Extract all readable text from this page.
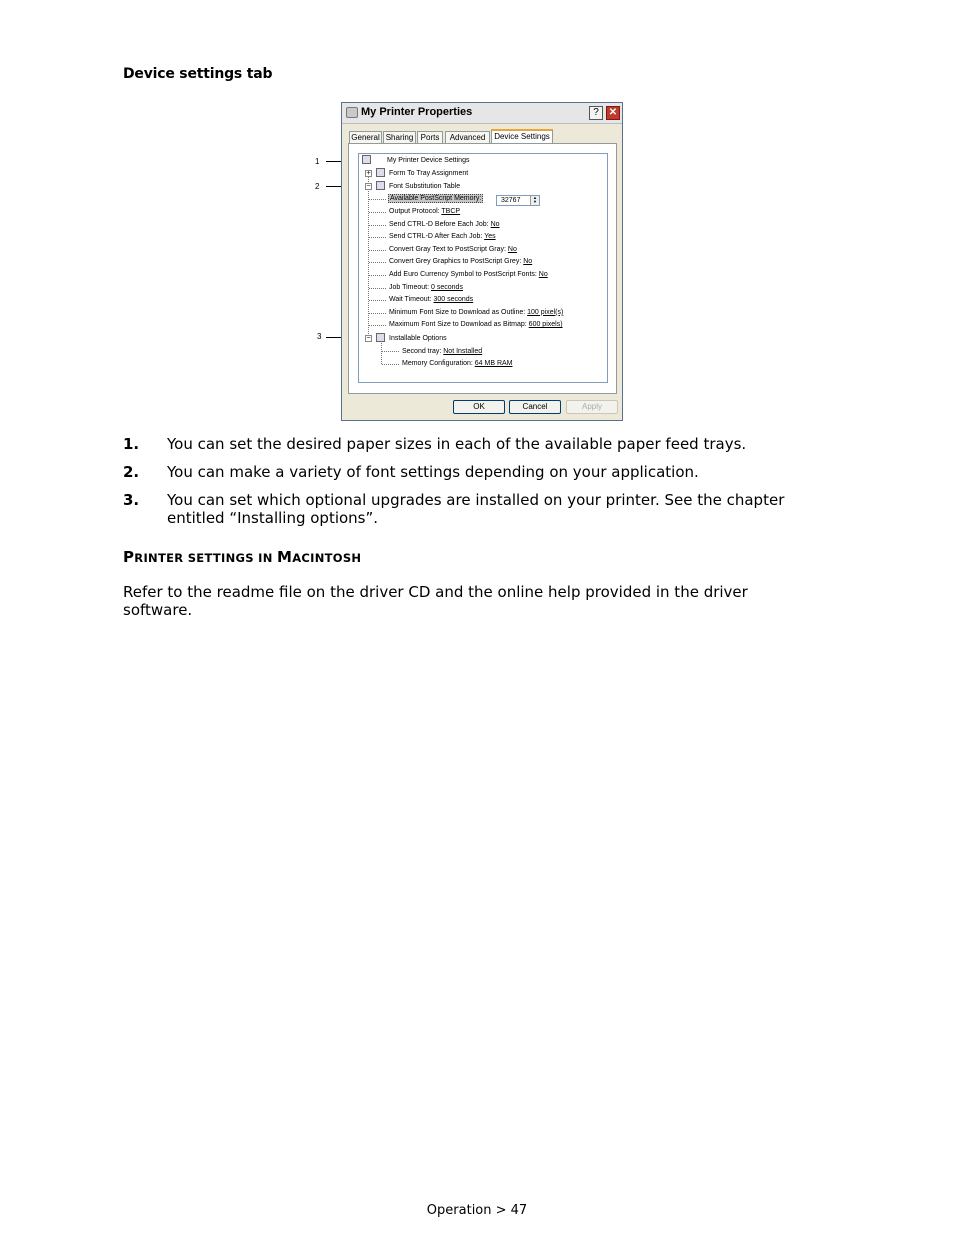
Device settings tab
1
2
3
My Printer Properties	?	✕
General Sharing Ports	Advanced	Device Settings
My Printer Device Settings
+	Form To Tray Assignment
−	Font Substitution Table
Available PostScript Memory:	32767	▲
▼
Output Protocol: TBCP
Send CTRL-D Before Each Job: No
Send CTRL-D After Each Job: Yes
Convert Gray Text to PostScript Gray: No
Convert Grey Graphics to PostScript Grey: No
Add Euro Currency Symbol to PostScript Fonts: No
Job Timeout: 0 seconds
Wait Timeout: 300 seconds
Minimum Font Size to Download as Outline: 100 pixel(s)
Maximum Font Size to Download as Bitmap: 600 pixels)
−	Installable Options
Second tray: Not Installed
Memory Configuration: 64 MB RAM
OK	Cancel	Apply
1. You can set the desired paper sizes in each of the available paper feed trays.
2. You can make a variety of font settings depending on your application.
3. You can set which optional upgrades are installed on your printer. See the chapter
entitled “Installing options”.
PRINTER SETTINGS IN MACINTOSH
Refer to the readme file on the driver CD and the online help provided in the driver
software.
Operation > 47
